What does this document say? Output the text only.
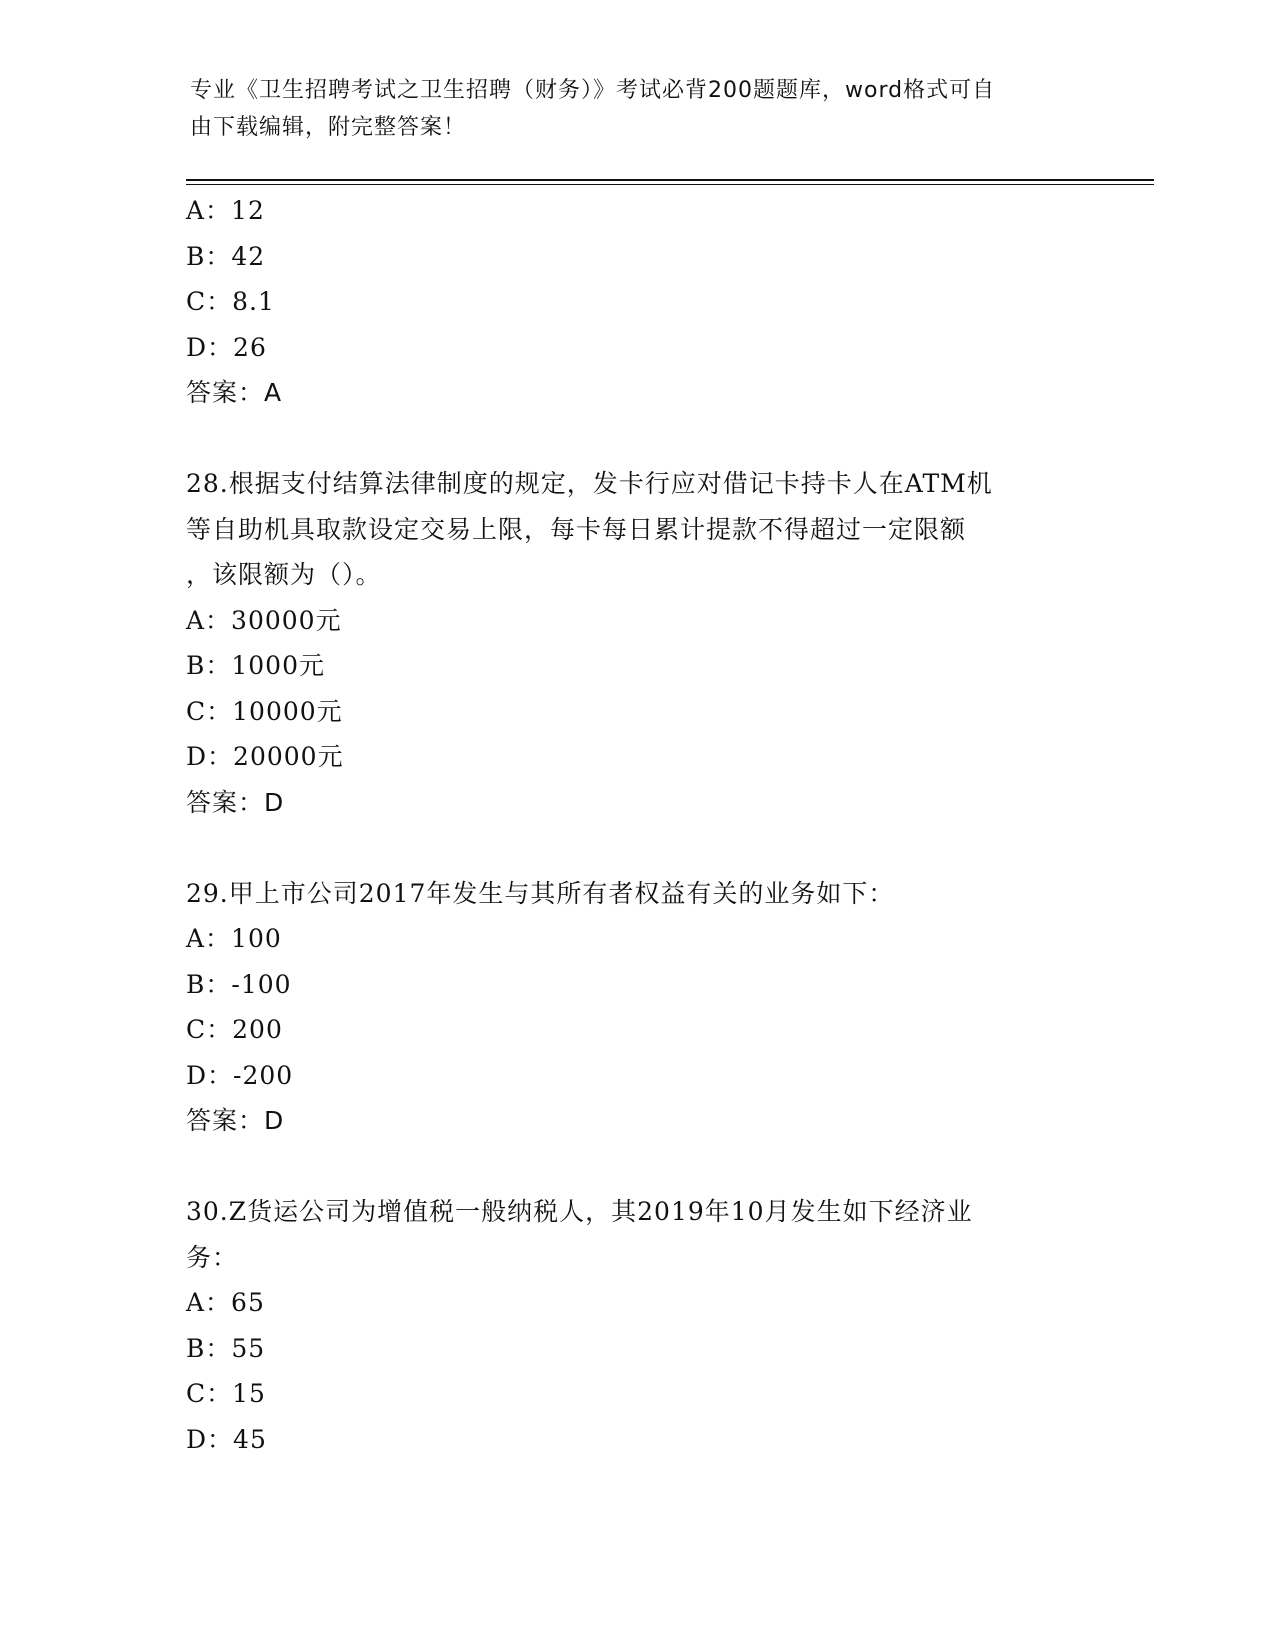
专业《卫生招聘考试之卫生招聘（财务）》考试必背200题题库，word格式可自
由下载编辑，附完整答案！
A：12
B：42
C：8.1
D：26
答案：A
28.根据支付结算法律制度的规定，发卡行应对借记卡持卡人在ATM机
等自助机具取款设定交易上限，每卡每日累计提款不得超过一定限额
，该限额为（）。
A：30000元
B：1000元
C：10000元
D：20000元
答案：D
29.甲上市公司2017年发生与其所有者权益有关的业务如下：
A：100
B：-100
C：200
D：-200
答案：D
30.Z货运公司为增值税一般纳税人，其2019年10月发生如下经济业
务：
A：65
B：55
C：15
D：45
